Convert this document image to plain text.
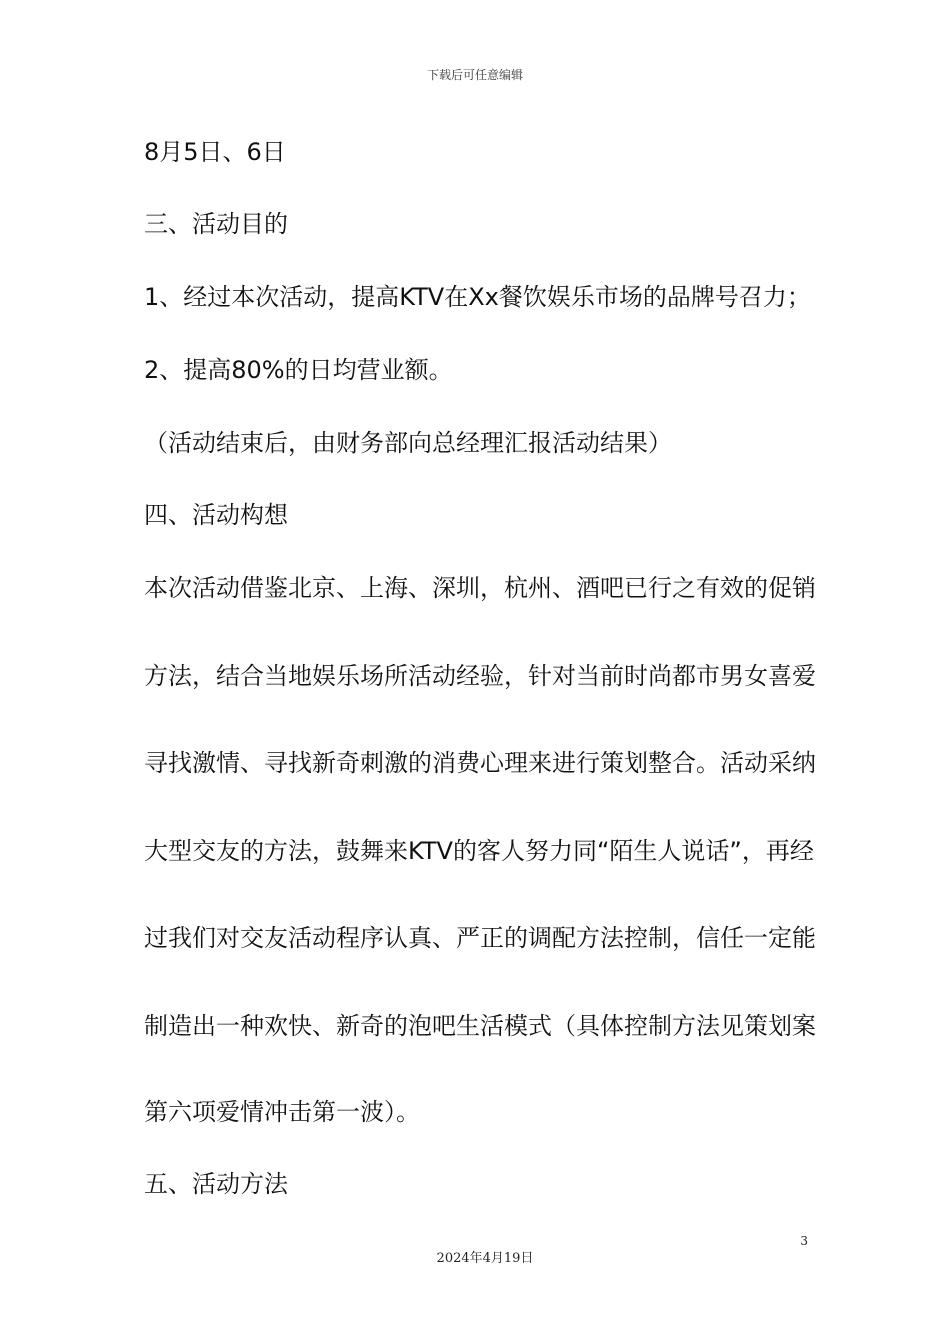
下载后可任意编辑
8月5日、6日
三、活动目的
1、经过本次活动，提高KTV在Xx餐饮娱乐市场的品牌号召力；
2、提高80%的日均营业额。
（活动结束后，由财务部向总经理汇报活动结果）
四、活动构想
本次活动借鉴北京、上海、深圳，杭州、酒吧已行之有效的促销
方法，结合当地娱乐场所活动经验，针对当前时尚都市男女喜爱
寻找激情、寻找新奇刺激的消费心理来进行策划整合。活动采纳
大型交友的方法，鼓舞来KTV的客人努力同“陌生人说话”，再经
过我们对交友活动程序认真、严正的调配方法控制，信任一定能
制造出一种欢快、新奇的泡吧生活模式（具体控制方法见策划案
第六项爱情冲击第一波）。
五、活动方法
3
2024年4月19日
